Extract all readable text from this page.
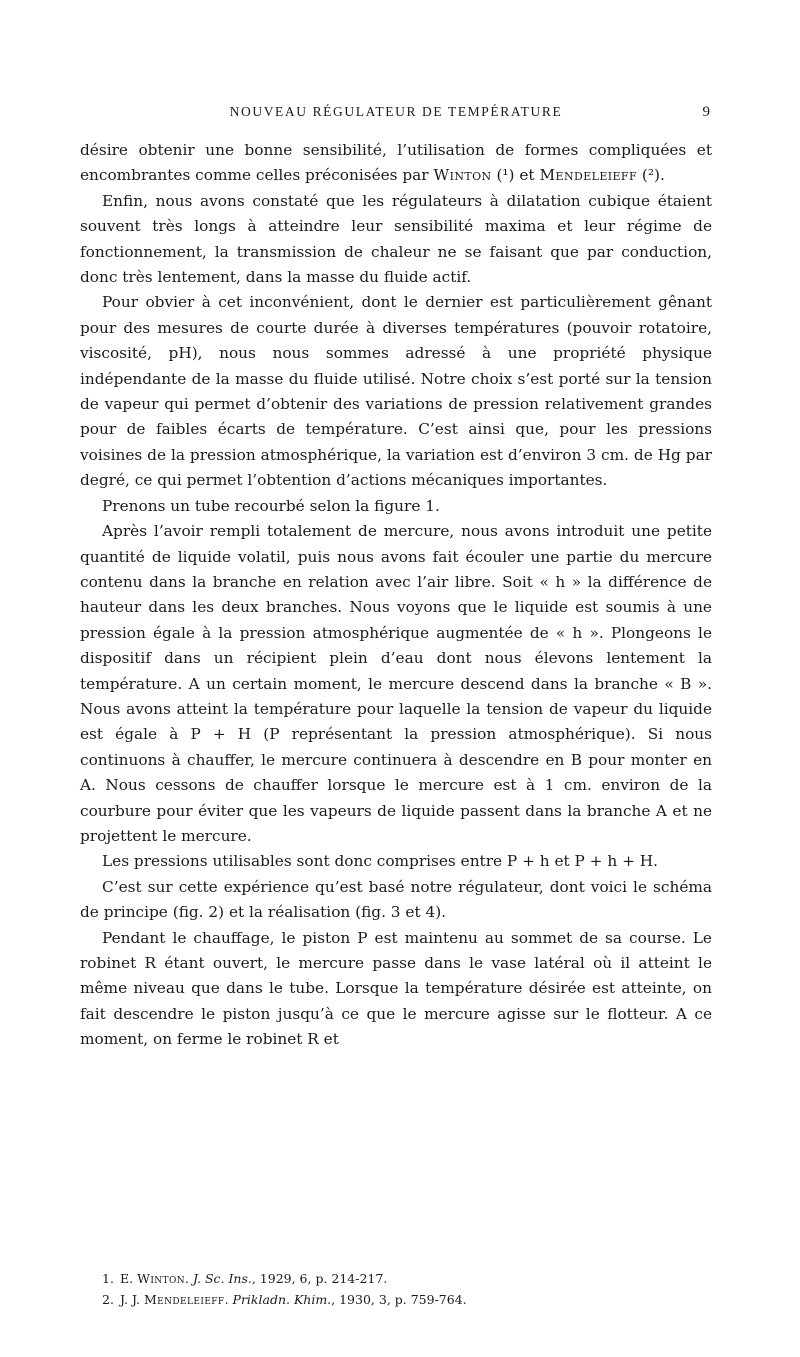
NOUVEAU RÉGULATEUR DE TEMPÉRATURE	9

désire obtenir une bonne sensibilité, l’utilisation de formes compliquées et encombrantes comme celles préconisées par Winton (¹) et Mendeleieff (²).

Enfin, nous avons constaté que les régulateurs à dilatation cubique étaient souvent très longs à atteindre leur sensibilité maxima et leur régime de fonctionnement, la transmission de chaleur ne se faisant que par conduction, donc très lentement, dans la masse du fluide actif.

Pour obvier à cet inconvénient, dont le dernier est particulièrement gênant pour des mesures de courte durée à diverses températures (pouvoir rotatoire, viscosité, pH), nous nous sommes adressé à une propriété physique indépendante de la masse du fluide utilisé. Notre choix s’est porté sur la tension de vapeur qui permet d’obtenir des variations de pression relativement grandes pour de faibles écarts de température. C’est ainsi que, pour les pressions voisines de la pression atmosphérique, la variation est d’environ 3 cm. de Hg par degré, ce qui permet l’obtention d’actions mécaniques importantes.

Prenons un tube recourbé selon la figure 1.

Après l’avoir rempli totalement de mercure, nous avons introduit une petite quantité de liquide volatil, puis nous avons fait écouler une partie du mercure contenu dans la branche en relation avec l’air libre. Soit « h » la différence de hauteur dans les deux branches. Nous voyons que le liquide est soumis à une pression égale à la pression atmosphérique augmentée de « h ». Plongeons le dispositif dans un récipient plein d’eau dont nous élevons lentement la température. A un certain moment, le mercure descend dans la branche « B ». Nous avons atteint la température pour laquelle la tension de vapeur du liquide est égale à P + H (P représentant la pression atmosphérique). Si nous continuons à chauffer, le mercure continuera à descendre en B pour monter en A. Nous cessons de chauffer lorsque le mercure est à 1 cm. environ de la courbure pour éviter que les vapeurs de liquide passent dans la branche A et ne projettent le mercure.

Les pressions utilisables sont donc comprises entre P + h et P + h + H.

C’est sur cette expérience qu’est basé notre régulateur, dont voici le schéma de principe (fig. 2) et la réalisation (fig. 3 et 4).

Pendant le chauffage, le piston P est maintenu au sommet de sa course. Le robinet R étant ouvert, le mercure passe dans le vase latéral où il atteint le même niveau que dans le tube. Lorsque la température désirée est atteinte, on fait descendre le piston jusqu’à ce que le mercure agisse sur le flotteur. A ce moment, on ferme le robinet R et

1. E. Winton. J. Sc. Ins., 1929, 6, p. 214-217.

2. J. J. Mendeleieff. Prikladn. Khim., 1930, 3, p. 759-764.
